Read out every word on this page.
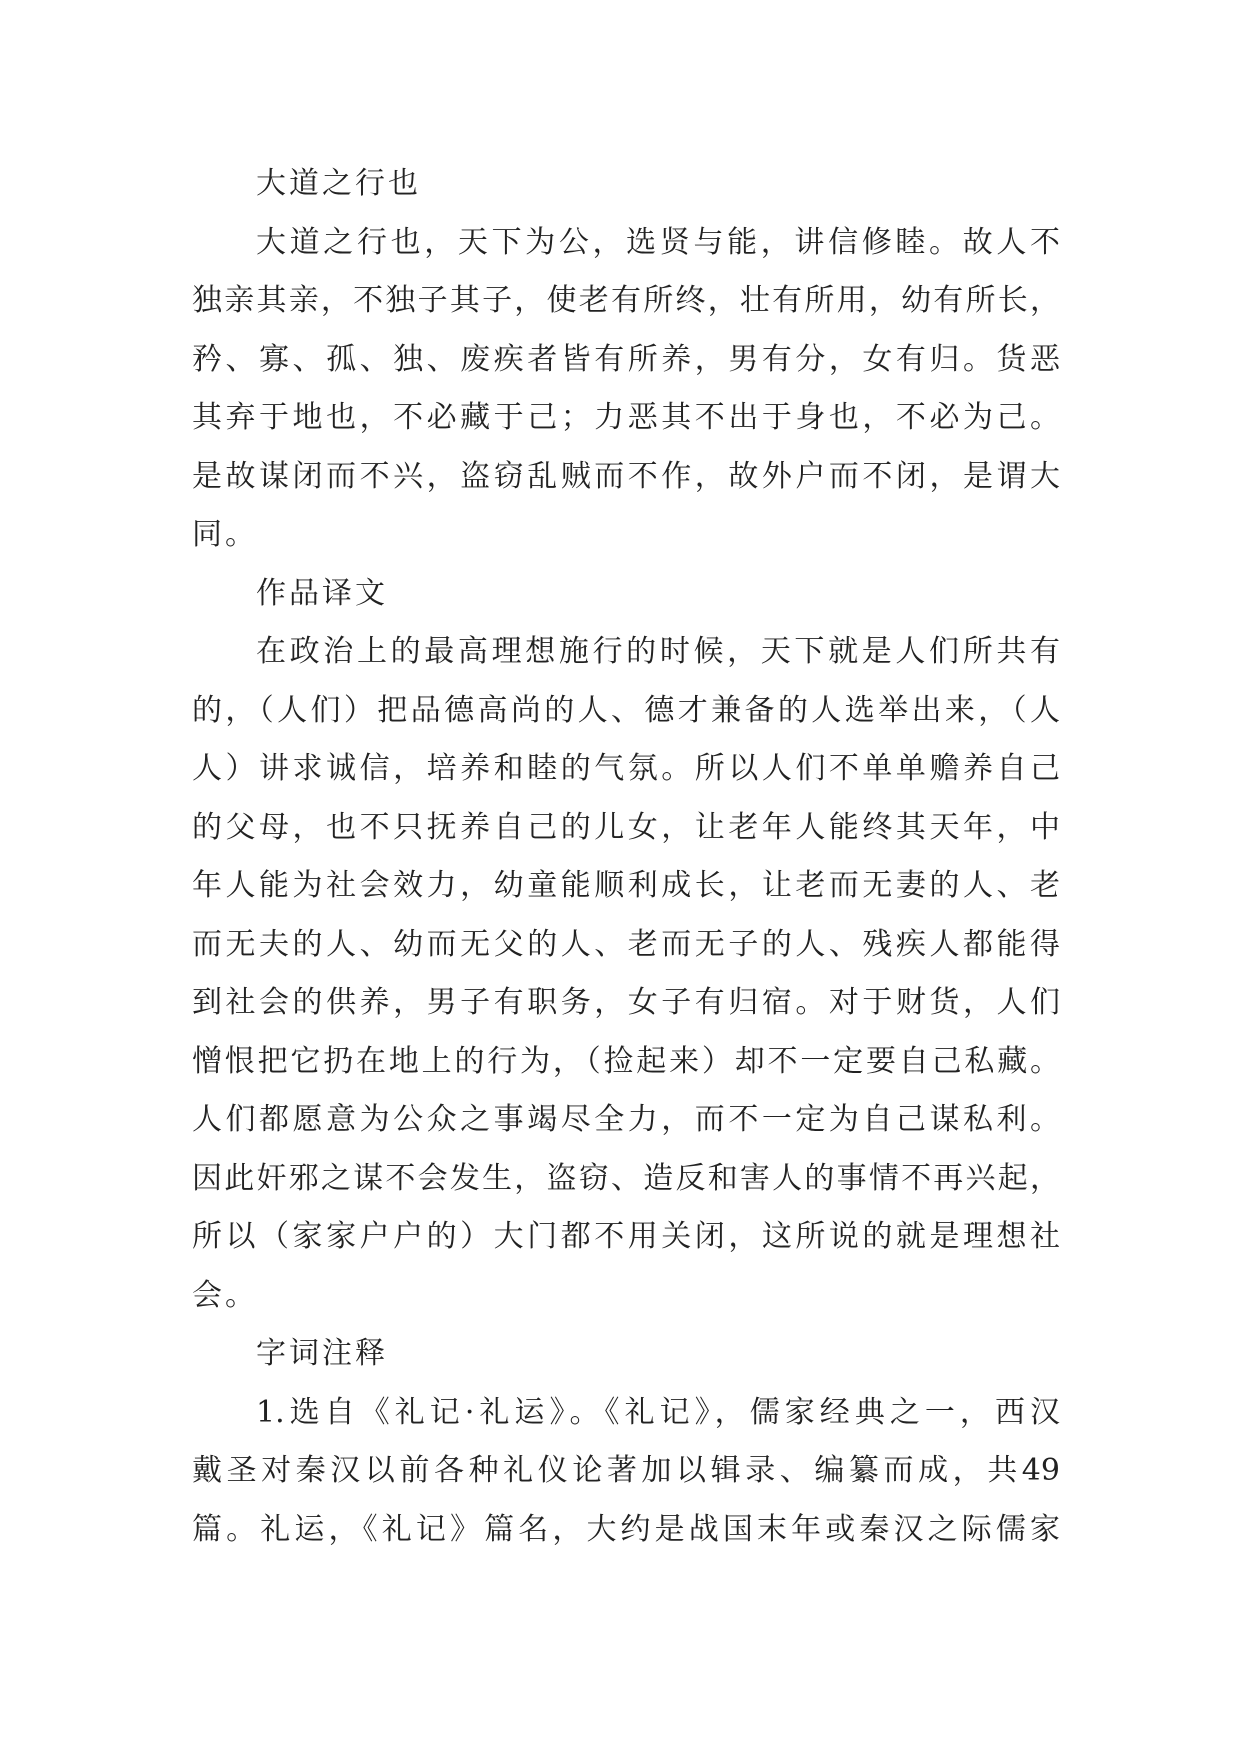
大道之行也
大道之行也，天下为公，选贤与能，讲信修睦。故人不
独亲其亲，不独子其子，使老有所终，壮有所用，幼有所长，
矜、寡、孤、独、废疾者皆有所养，男有分，女有归。货恶
其弃于地也，不必藏于己；力恶其不出于身也，不必为己。
是故谋闭而不兴，盗窃乱贼而不作，故外户而不闭，是谓大
同。
作品译文
在政治上的最高理想施行的时候，天下就是人们所共有
的，（人们）把品德高尚的人、德才兼备的人选举出来，（人
人）讲求诚信，培养和睦的气氛。所以人们不单单赡养自己
的父母，也不只抚养自己的儿女，让老年人能终其天年，中
年人能为社会效力，幼童能顺利成长，让老而无妻的人、老
而无夫的人、幼而无父的人、老而无子的人、残疾人都能得
到社会的供养，男子有职务，女子有归宿。对于财货，人们
憎恨把它扔在地上的行为，（捡起来）却不一定要自己私藏。
人们都愿意为公众之事竭尽全力，而不一定为自己谋私利。
因此奸邪之谋不会发生，盗窃、造反和害人的事情不再兴起，
所以（家家户户的）大门都不用关闭，这所说的就是理想社
会。
字词注释
1.选自《礼记·礼运》。《礼记》，儒家经典之一，西汉
戴圣对秦汉以前各种礼仪论著加以辑录、编纂而成，共49
篇。礼运，《礼记》篇名，大约是战国末年或秦汉之际儒家
